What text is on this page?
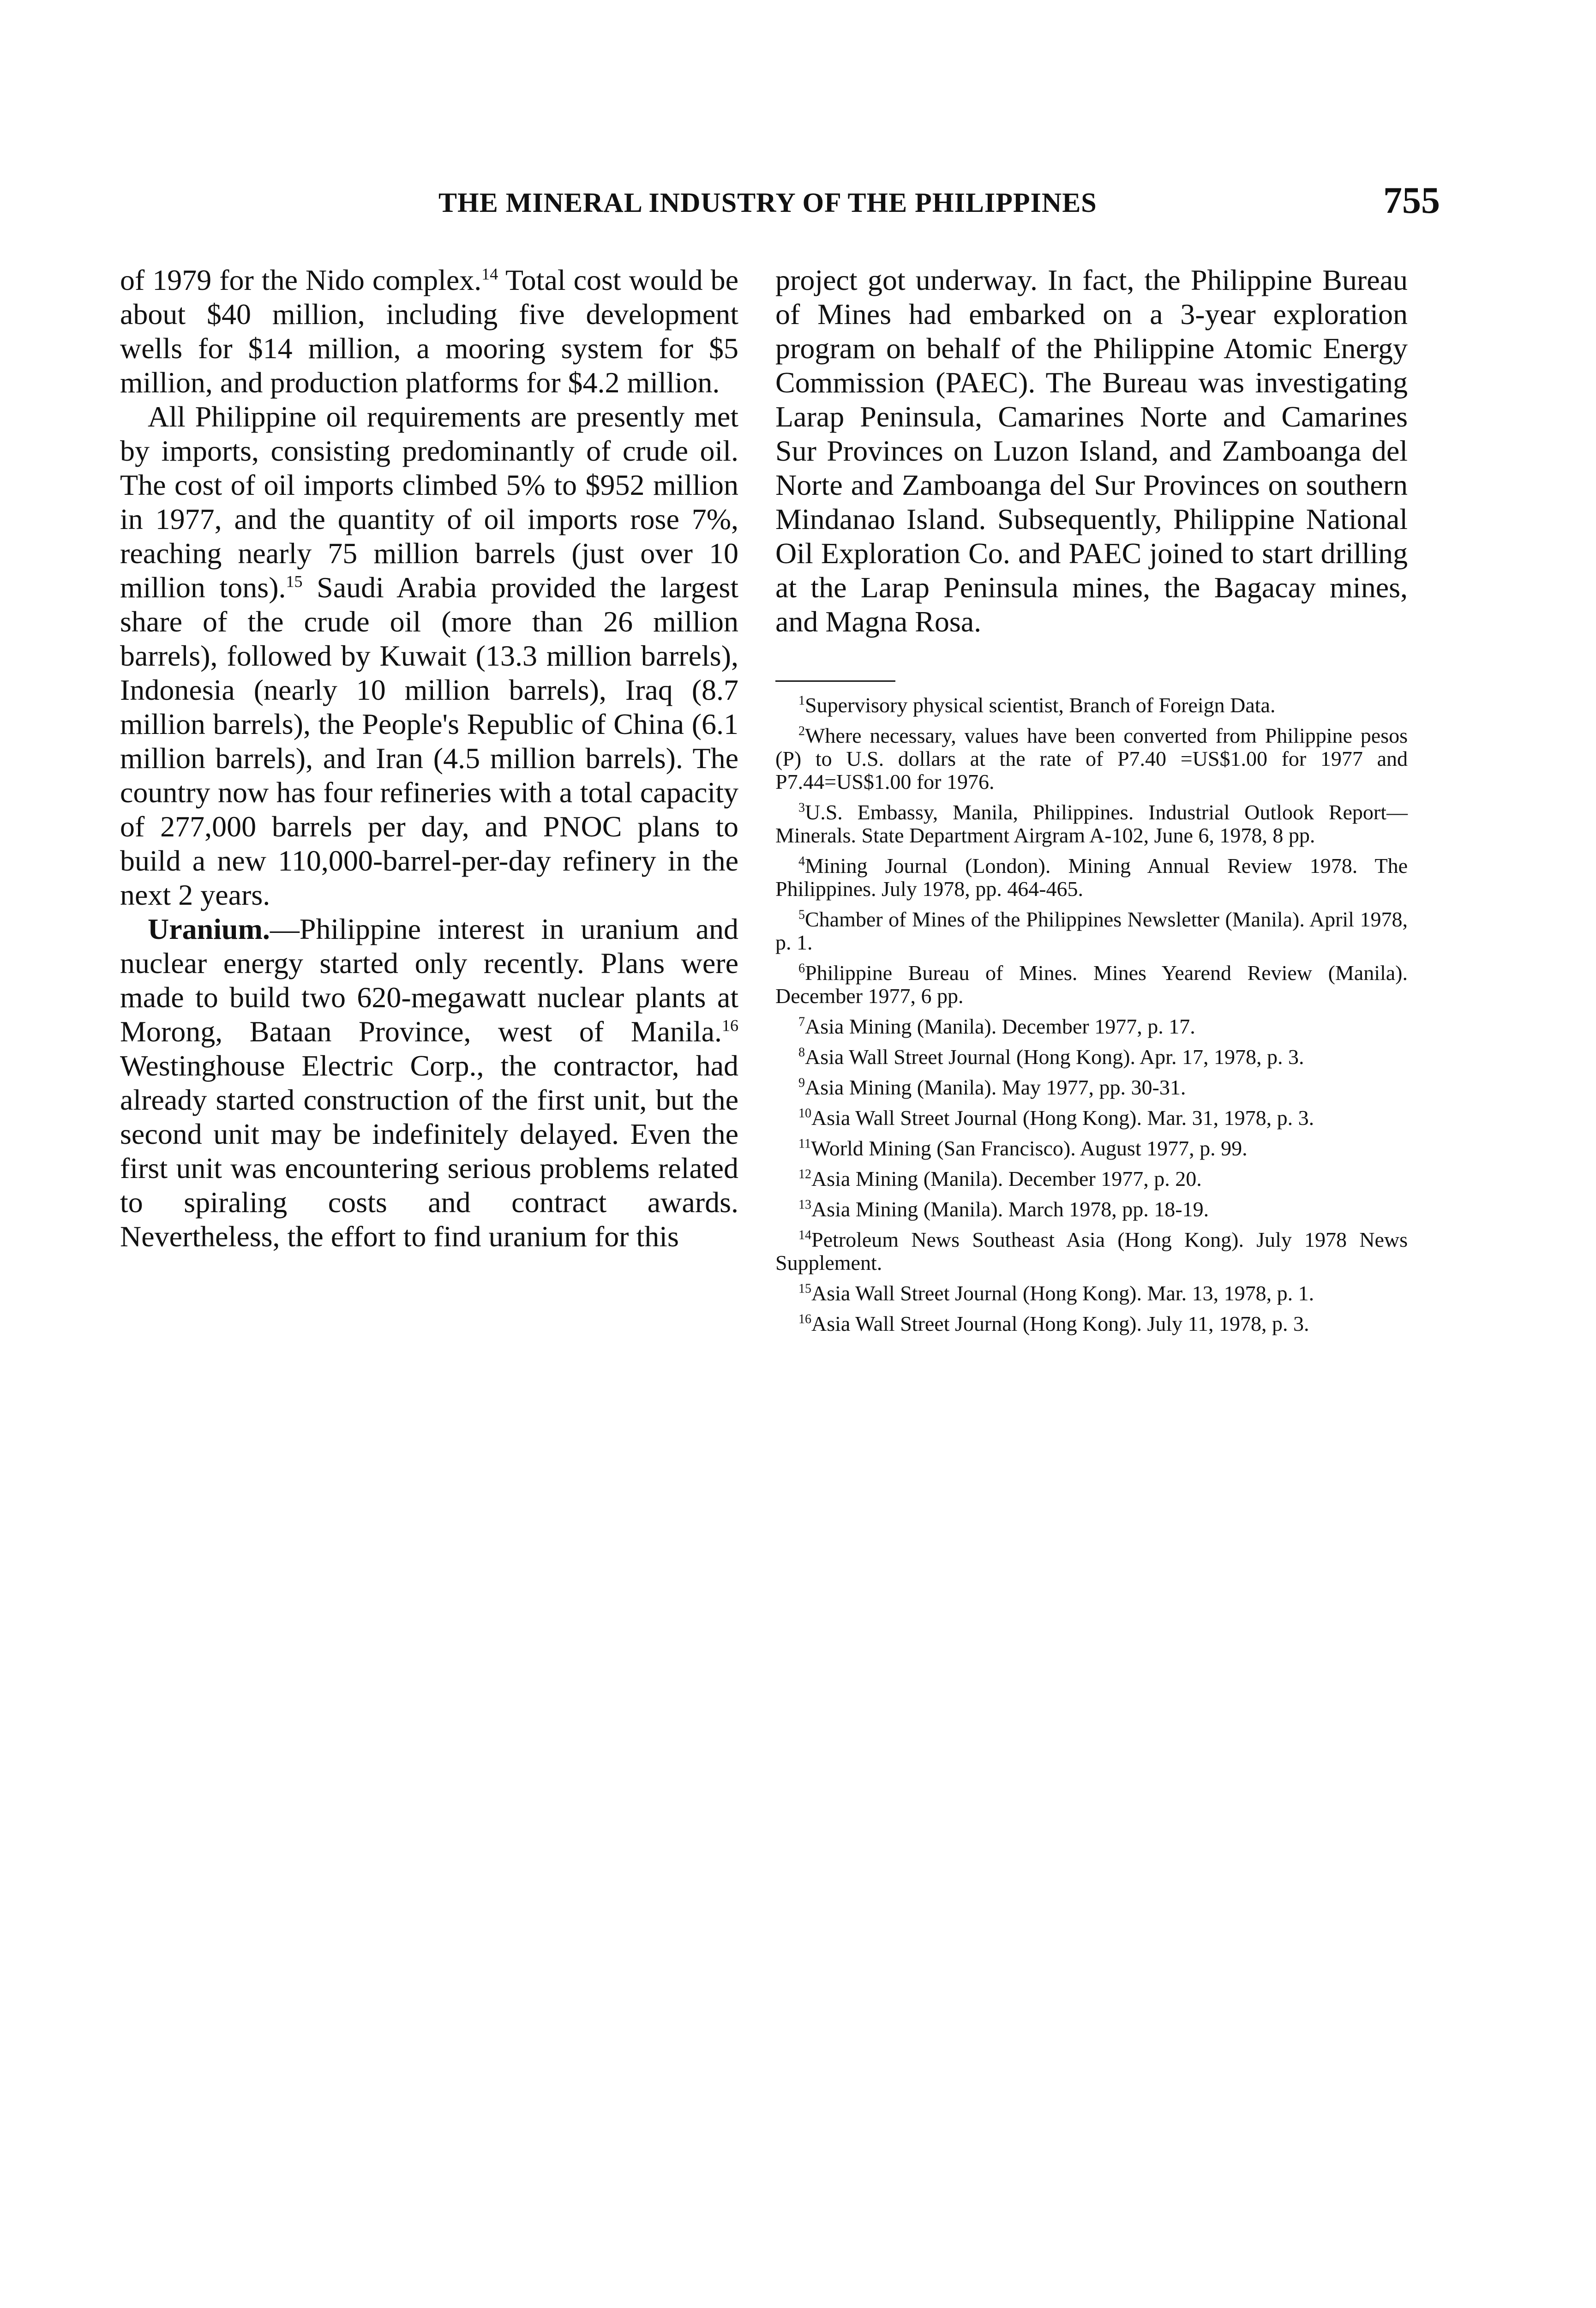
THE MINERAL INDUSTRY OF THE PHILIPPINES	755

of 1979 for the Nido complex.$^{14}$ Total cost would be about $40 million, including five development wells for $14 million, a mooring system for $5 million, and production platforms for $4.2 million.

All Philippine oil requirements are presently met by imports, consisting predominantly of crude oil. The cost of oil imports climbed 5% to $952 million in 1977, and the quantity of oil imports rose 7%, reaching nearly 75 million barrels (just over 10 million tons).$^{15}$ Saudi Arabia provided the largest share of the crude oil (more than 26 million barrels), followed by Kuwait (13.3 million barrels), Indonesia (nearly 10 million barrels), Iraq (8.7 million barrels), the People's Republic of China (6.1 million barrels), and Iran (4.5 million barrels). The country now has four refineries with a total capacity of 277,000 barrels per day, and PNOC plans to build a new 110,000-barrel-per-day refinery in the next 2 years.

Uranium.—Philippine interest in uranium and nuclear energy started only recently. Plans were made to build two 620-megawatt nuclear plants at Morong, Bataan Province, west of Manila.$^{16}$ Westinghouse Electric Corp., the contractor, had already started construction of the first unit, but the second unit may be indefinitely delayed. Even the first unit was encountering serious problems related to spiraling costs and contract awards. Nevertheless, the effort to find uranium for this

project got underway. In fact, the Philippine Bureau of Mines had embarked on a 3-year exploration program on behalf of the Philippine Atomic Energy Commission (PAEC). The Bureau was investigating Larap Peninsula, Camarines Norte and Camarines Sur Provinces on Luzon Island, and Zamboanga del Norte and Zamboanga del Sur Provinces on southern Mindanao Island. Subsequently, Philippine National Oil Exploration Co. and PAEC joined to start drilling at the Larap Peninsula mines, the Bagacay mines, and Magna Rosa.

$^1$Supervisory physical scientist, Branch of Foreign Data.

$^2$Where necessary, values have been converted from Philippine pesos (P) to U.S. dollars at the rate of P7.40 =US$1.00 for 1977 and P7.44=US$1.00 for 1976.

$^3$U.S. Embassy, Manila, Philippines. Industrial Outlook Report—Minerals. State Department Airgram A-102, June 6, 1978, 8 pp.

$^4$Mining Journal (London). Mining Annual Review 1978. The Philippines. July 1978, pp. 464-465.

$^5$Chamber of Mines of the Philippines Newsletter (Manila). April 1978, p. 1.

$^6$Philippine Bureau of Mines. Mines Yearend Review (Manila). December 1977, 6 pp.

$^7$Asia Mining (Manila). December 1977, p. 17.

$^8$Asia Wall Street Journal (Hong Kong). Apr. 17, 1978, p. 3.

$^9$Asia Mining (Manila). May 1977, pp. 30-31.

$^{10}$Asia Wall Street Journal (Hong Kong). Mar. 31, 1978, p. 3.

$^{11}$World Mining (San Francisco). August 1977, p. 99.

$^{12}$Asia Mining (Manila). December 1977, p. 20.

$^{13}$Asia Mining (Manila). March 1978, pp. 18-19.

$^{14}$Petroleum News Southeast Asia (Hong Kong). July 1978 News Supplement.

$^{15}$Asia Wall Street Journal (Hong Kong). Mar. 13, 1978, p. 1.

$^{16}$Asia Wall Street Journal (Hong Kong). July 11, 1978, p. 3.
